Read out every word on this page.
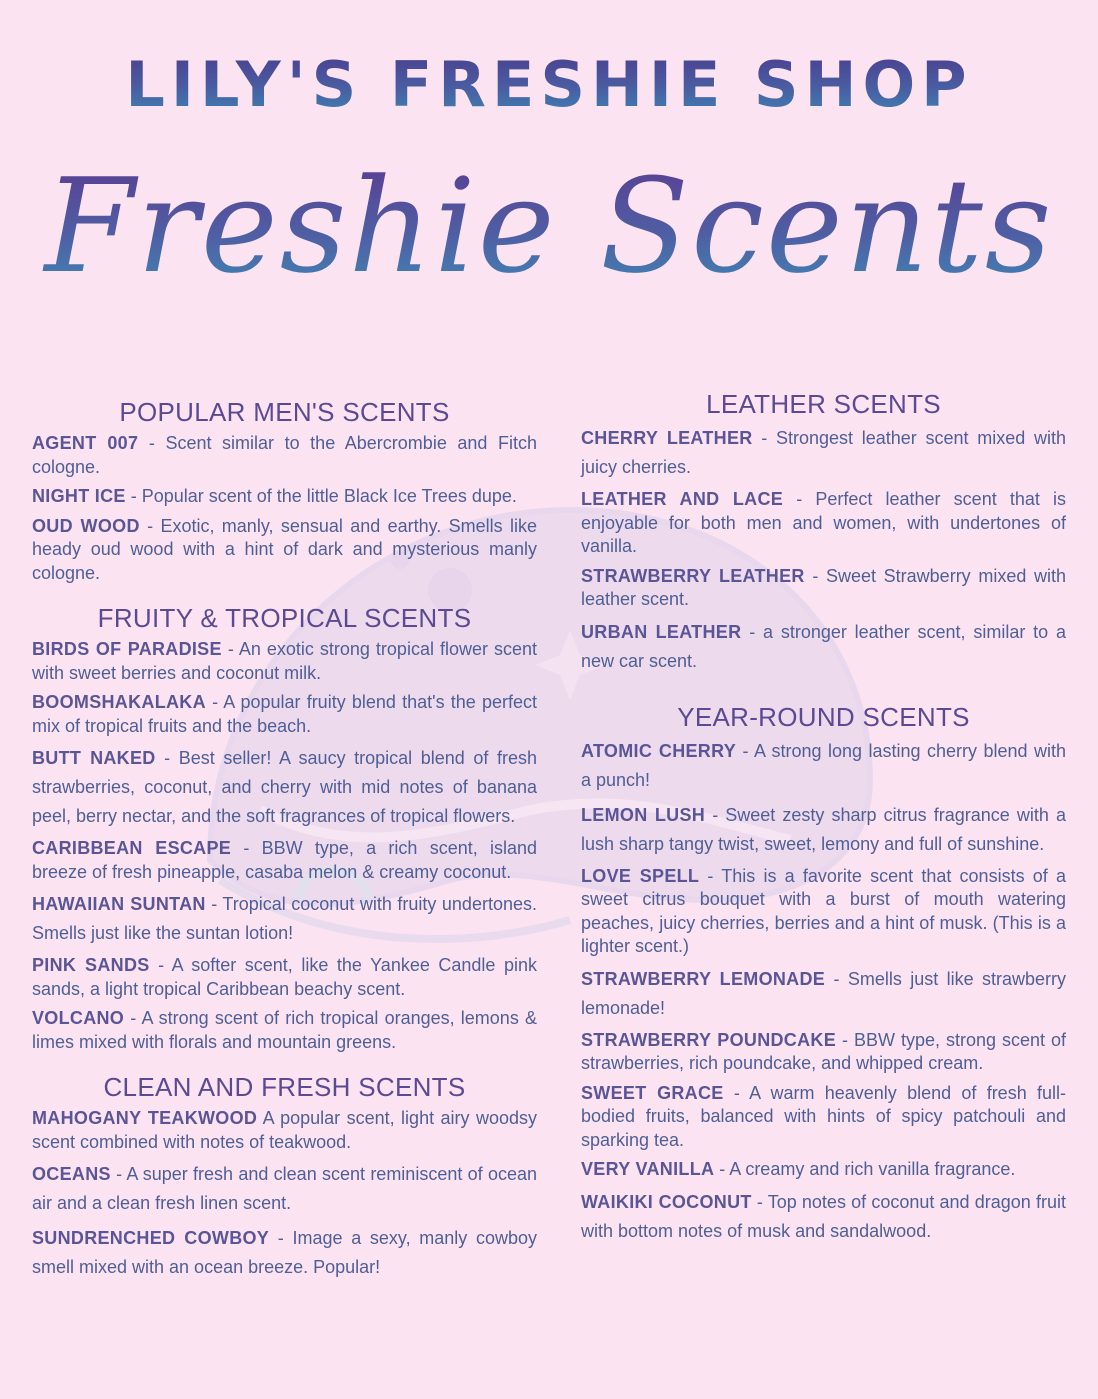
LILY'S FRESHIE SHOP
Freshie Scents
POPULAR MEN'S SCENTS

AGENT 007 - Scent similar to the Abercrombie and Fitch cologne.

NIGHT ICE - Popular scent of the little Black Ice Trees dupe.

OUD WOOD - Exotic, manly, sensual and earthy. Smells like heady oud wood with a hint of dark and mysterious manly cologne.

FRUITY & TROPICAL SCENTS

BIRDS OF PARADISE - An exotic strong tropical flower scent with sweet berries and coconut milk.

BOOMSHAKALAKA - A popular fruity blend that's the perfect mix of tropical fruits and the beach.

BUTT NAKED - Best seller! A saucy tropical blend of fresh strawberries, coconut, and cherry with mid notes of banana peel, berry nectar, and the soft fragrances of tropical flowers.

CARIBBEAN ESCAPE - BBW type, a rich scent, island breeze of fresh pineapple, casaba melon & creamy coconut.

HAWAIIAN SUNTAN - Tropical coconut with fruity undertones. Smells just like the suntan lotion!

PINK SANDS - A softer scent, like the Yankee Candle pink sands, a light tropical Caribbean beachy scent.

VOLCANO - A strong scent of rich tropical oranges, lemons & limes mixed with florals and mountain greens.

CLEAN AND FRESH SCENTS

MAHOGANY TEAKWOOD A popular scent, light airy woodsy scent combined with notes of teakwood.

OCEANS - A super fresh and clean scent reminiscent of ocean air and a clean fresh linen scent.

SUNDRENCHED COWBOY - Image a sexy, manly cowboy smell mixed with an ocean breeze. Popular!

LEATHER SCENTS

CHERRY LEATHER - Strongest leather scent mixed with juicy cherries.

LEATHER AND LACE - Perfect leather scent that is enjoyable for both men and women, with undertones of vanilla.

STRAWBERRY LEATHER - Sweet Strawberry mixed with leather scent.

URBAN LEATHER - a stronger leather scent, similar to a new car scent.

YEAR-ROUND SCENTS

ATOMIC CHERRY - A strong long lasting cherry blend with a punch!

LEMON LUSH - Sweet zesty sharp citrus fragrance with a lush sharp tangy twist, sweet, lemony and full of sunshine.

LOVE SPELL - This is a favorite scent that consists of a sweet citrus bouquet with a burst of mouth watering peaches, juicy cherries, berries and a hint of musk. (This is a lighter scent.)

STRAWBERRY LEMONADE - Smells just like strawberry lemonade!

STRAWBERRY POUNDCAKE - BBW type, strong scent of strawberries, rich poundcake, and whipped cream.

SWEET GRACE - A warm heavenly blend of fresh full-bodied fruits, balanced with hints of spicy patchouli and sparking tea.

VERY VANILLA - A creamy and rich vanilla fragrance.

WAIKIKI COCONUT - Top notes of coconut and dragon fruit with bottom notes of musk and sandalwood.
